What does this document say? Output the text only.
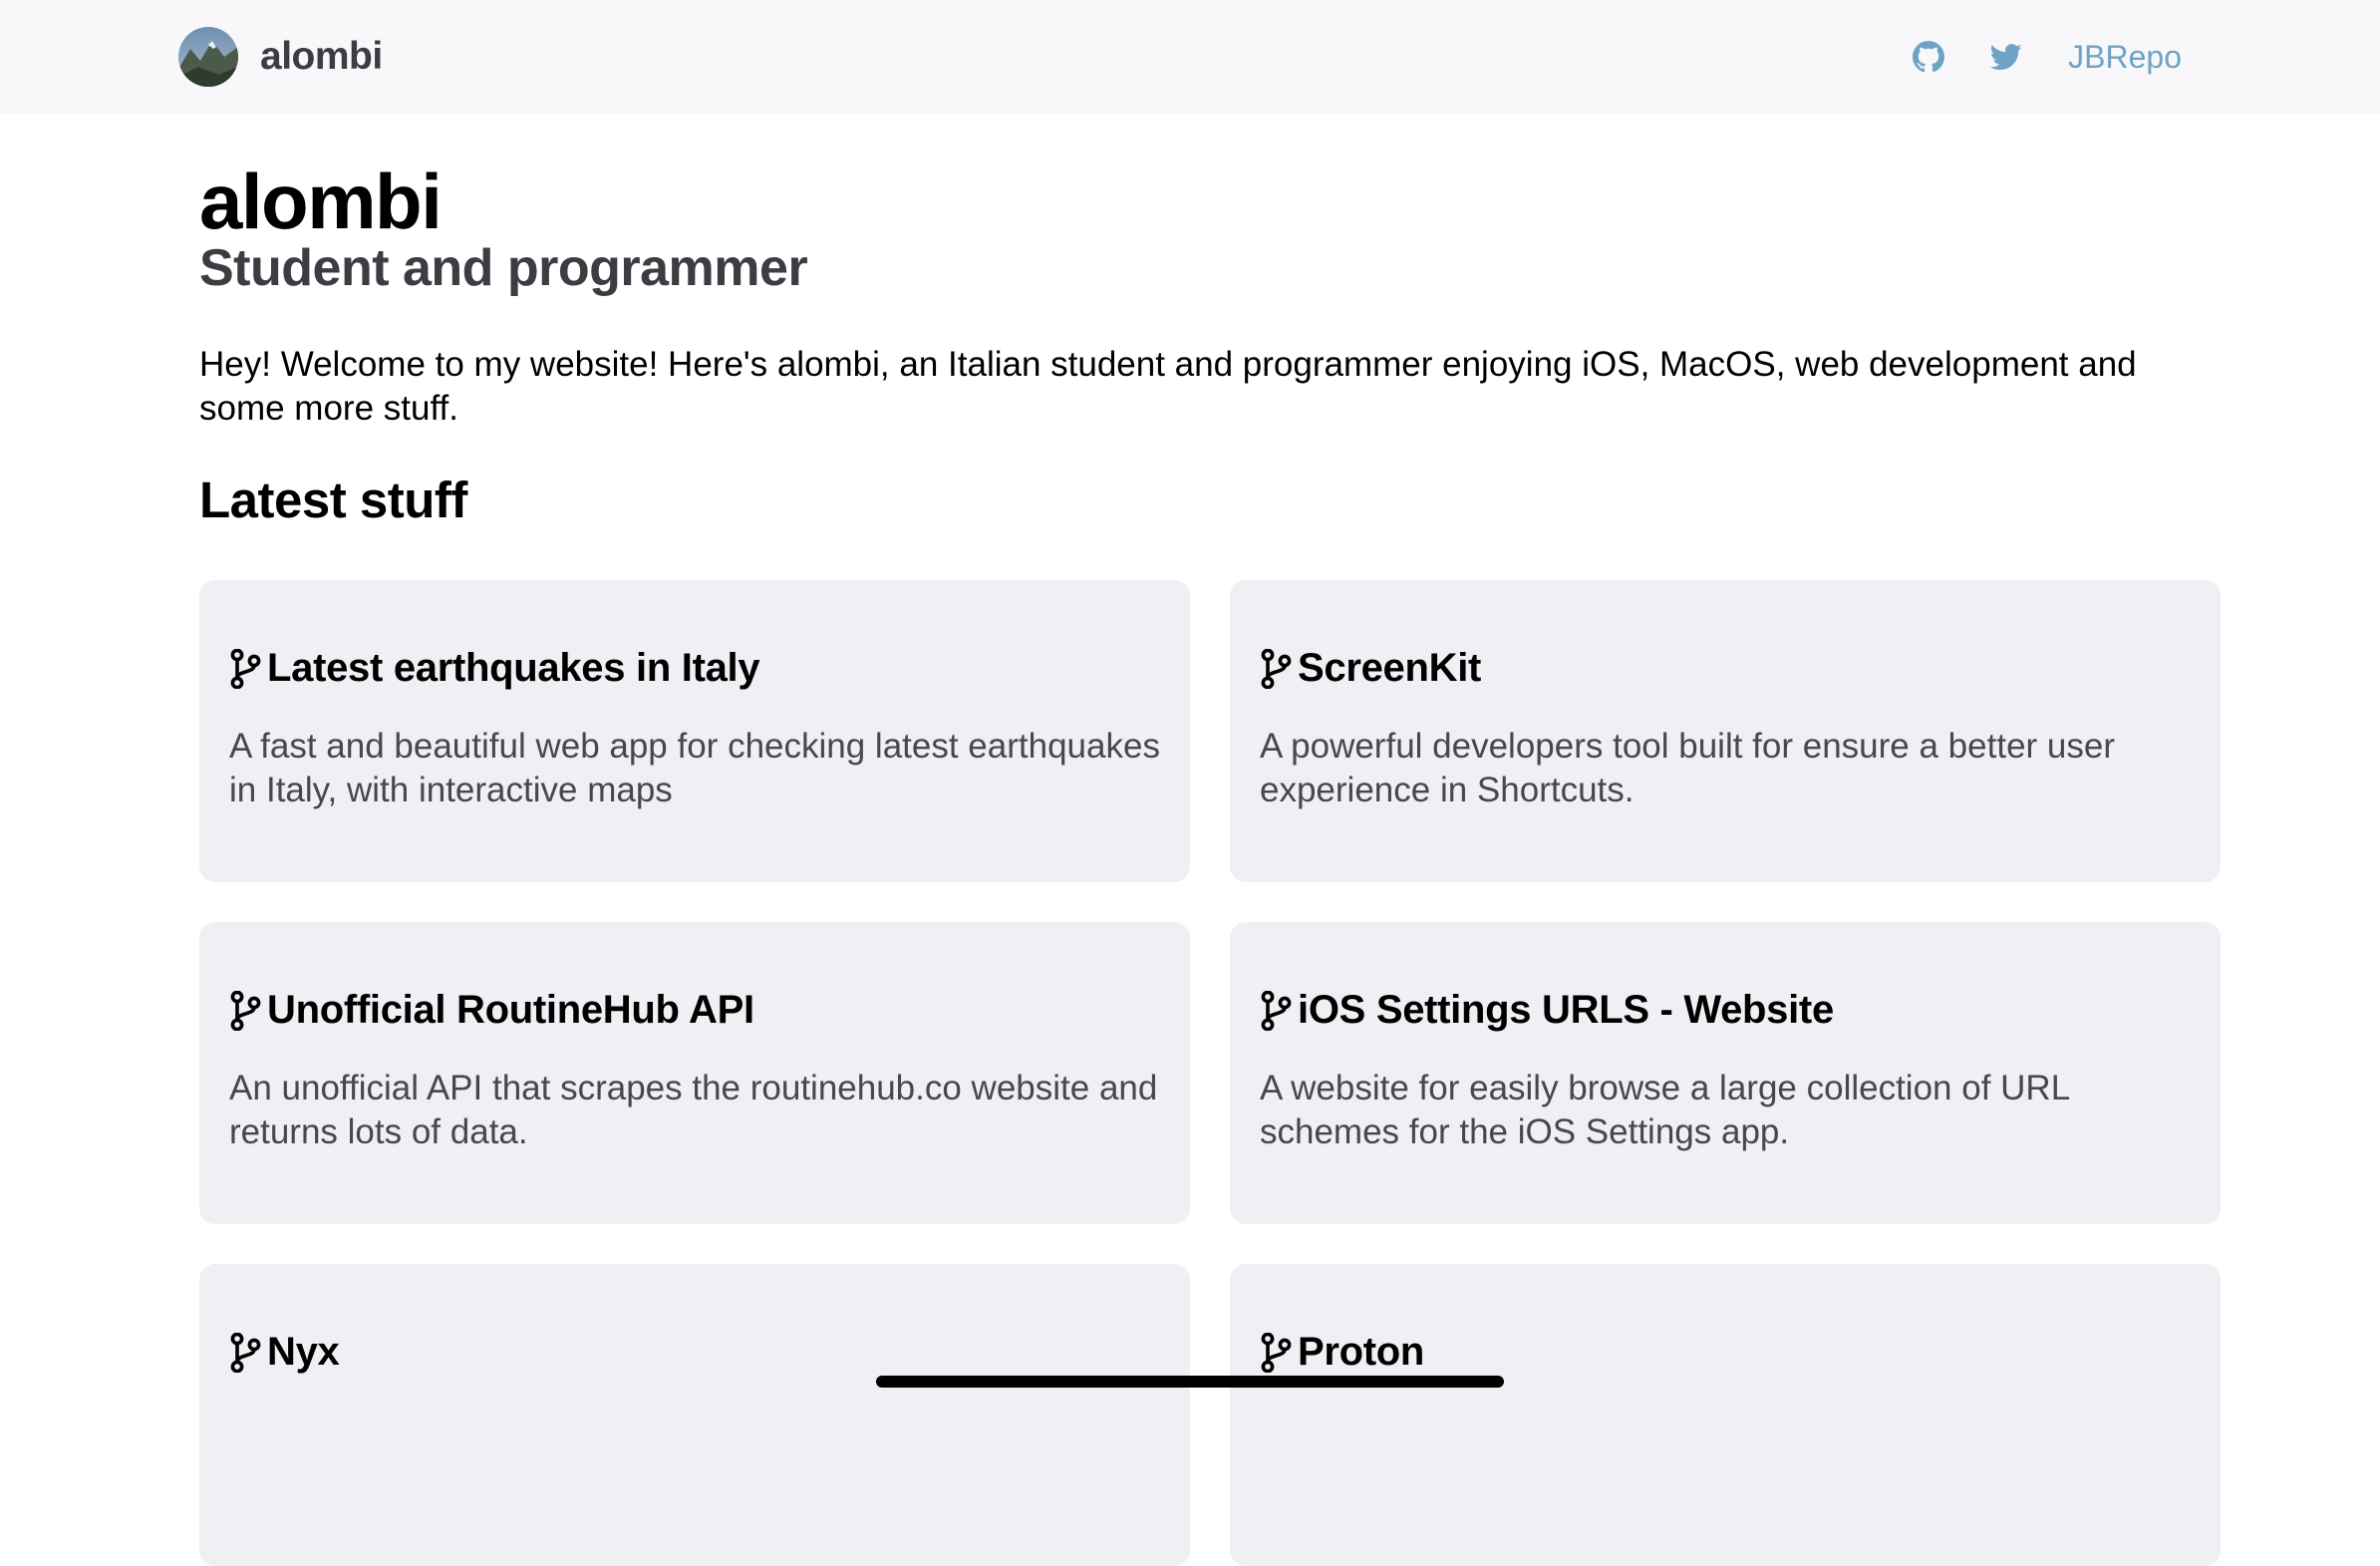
alombi	JBRepo
alombi
Student and programmer

Hey! Welcome to my website! Here's alombi, an Italian student and programmer enjoying iOS, MacOS, web development and some more stuff.

Latest stuff
Latest earthquakes in Italy

A fast and beautiful web app for checking latest earthquakes in Italy, with interactive maps

ScreenKit

A powerful developers tool built for ensure a better user experience in Shortcuts.

Unofficial RoutineHub API

An unofficial API that scrapes the routinehub.co website and returns lots of data.

iOS Settings URLS - Website

A website for easily browse a large collection of URL schemes for the iOS Settings app.

Nyx	Proton
